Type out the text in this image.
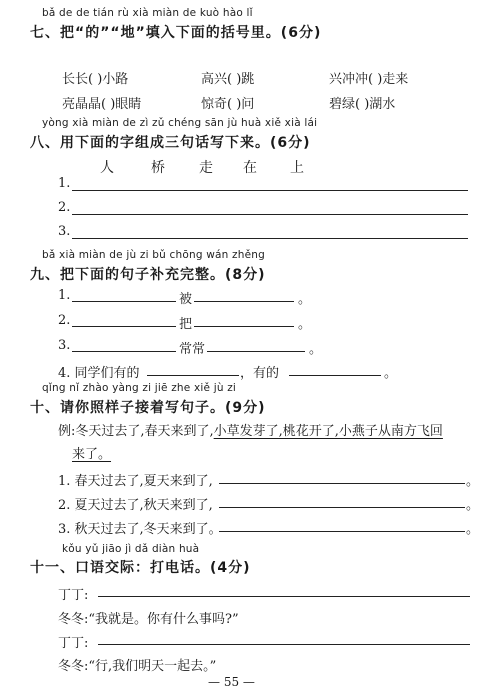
bǎ de de tián rù xià miàn de kuò hào lǐ
七、把“的”“地”填入下面的括号里。(6分)
长长( )小路	高兴( )跳	兴冲冲( )走来
亮晶晶( )眼睛	惊奇( )问	碧绿( )湖水
yòng xià miàn de zì zǔ chéng sān jù huà xiě xià lái
八、用下面的字组成三句话写下来。(6分)
人	桥 走 在 上
1.
2.
3.
bǎ xià miàn de jù zi bǔ chōng wán zhěng
九、把下面的句子补充完整。(8分)
1.	被	。
2.	把	。
3.	常常	。
4. 同学们有的	，有的	。
qǐng nǐ zhào yàng zi jiē zhe xiě jù zi
十、请你照样子接着写句子。(9分)
例:冬天过去了,春天来到了,小草发芽了,桃花开了,小燕子从南方飞回
来了。
1. 春天过去了,夏天来到了,	。
2. 夏天过去了,秋天来到了,	。
3. 秋天过去了,冬天来到了。	。
kǒu yǔ jiāo jì dǎ diàn huà
十一、口语交际：打电话。(4分)
丁丁:
冬冬:“我就是。你有什么事吗?”
丁丁:
冬冬:“行,我们明天一起去。”
— 55 —
